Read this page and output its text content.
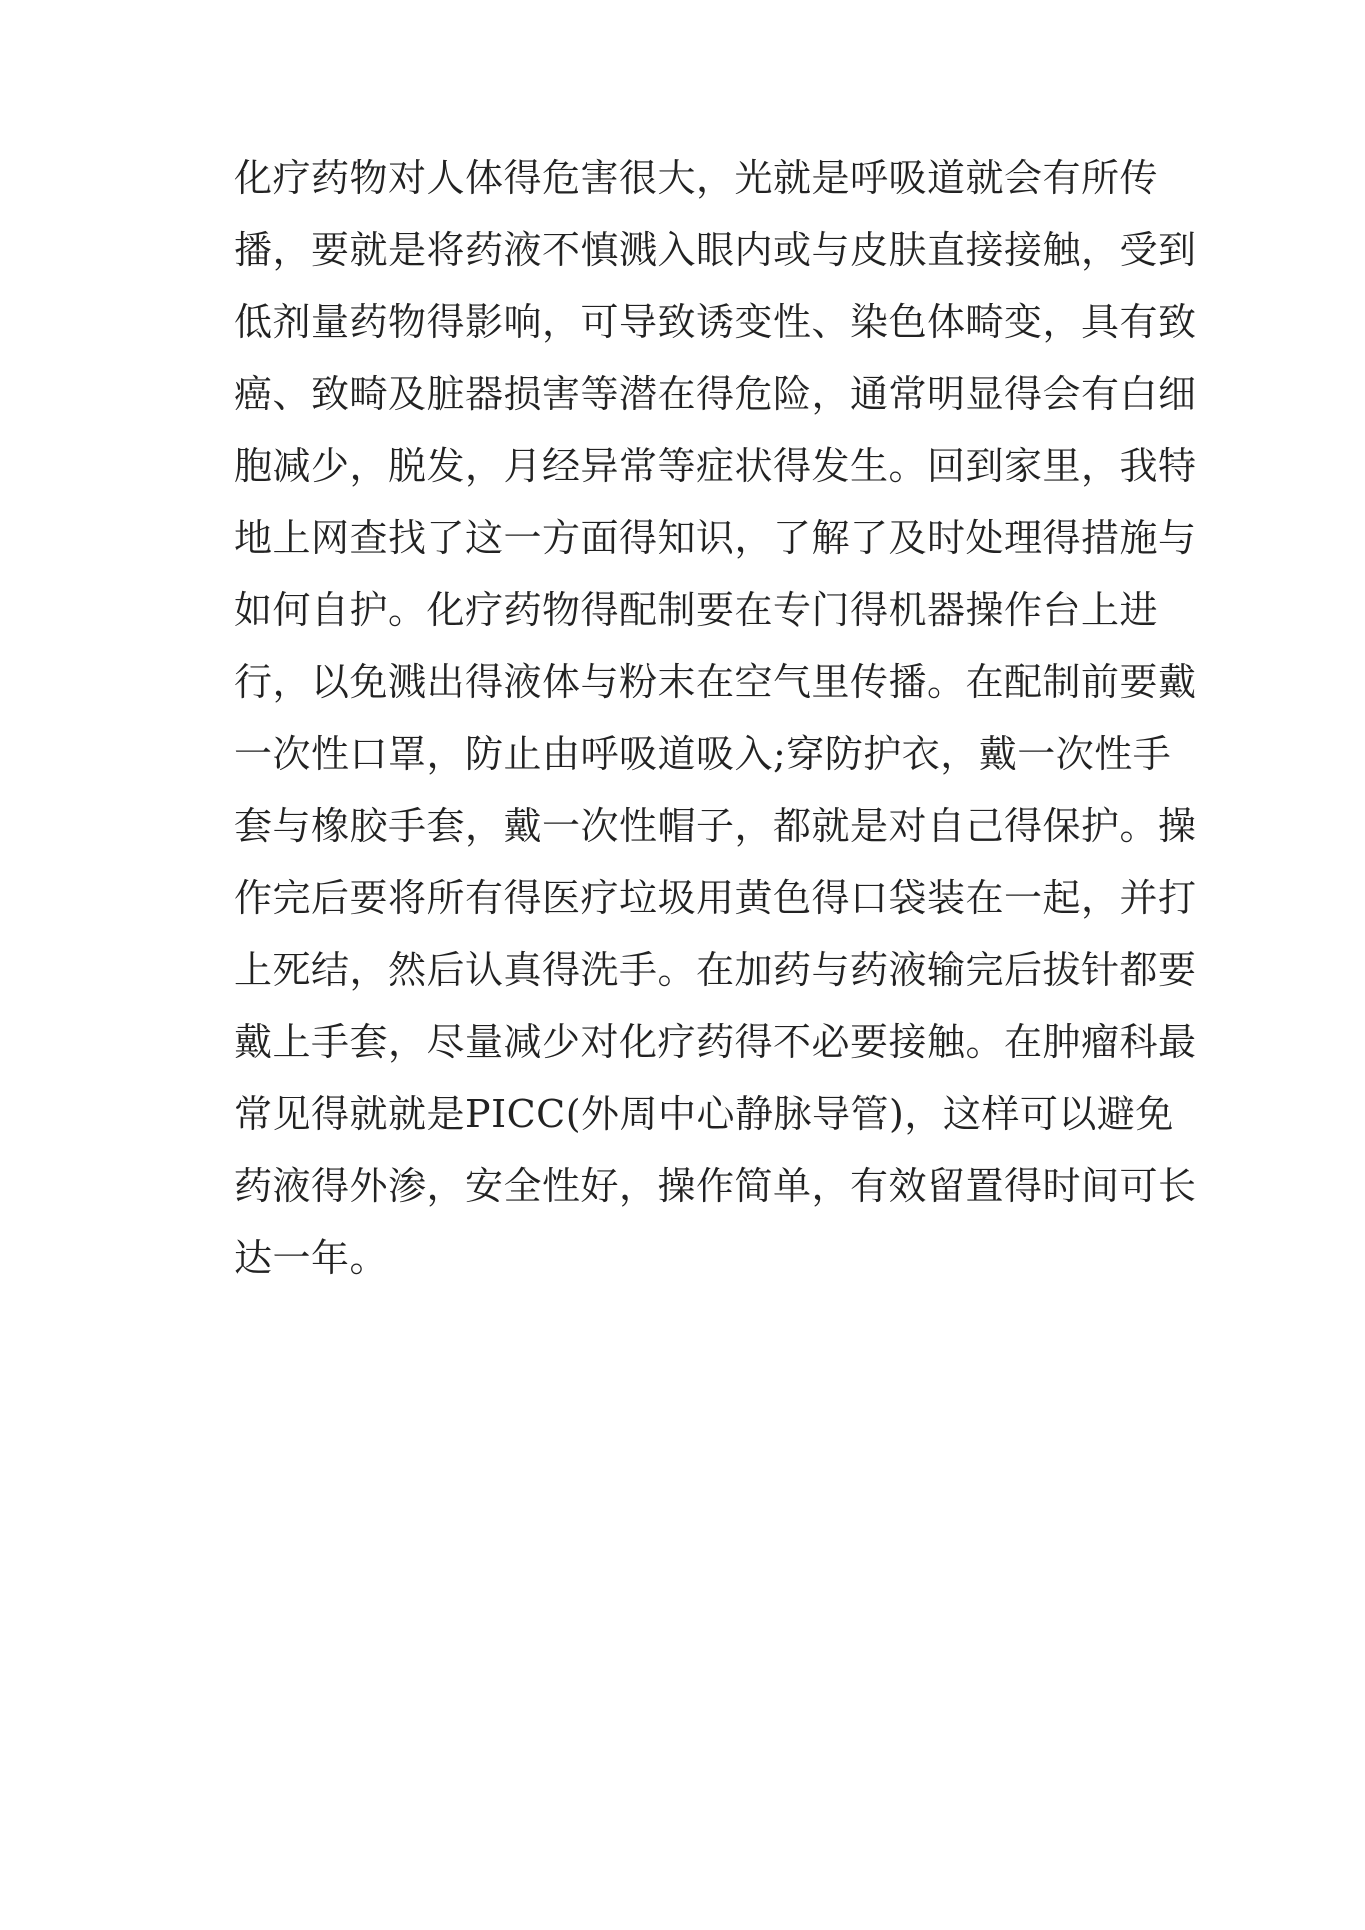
化疗药物对人体得危害很大，光就是呼吸道就会有所传
播，要就是将药液不慎溅入眼内或与皮肤直接接触，受到
低剂量药物得影响，可导致诱变性、染色体畸变，具有致
癌、致畸及脏器损害等潜在得危险，通常明显得会有白细
胞减少，脱发，月经异常等症状得发生。回到家里，我特
地上网查找了这一方面得知识，了解了及时处理得措施与
如何自护。化疗药物得配制要在专门得机器操作台上进
行，以免溅出得液体与粉末在空气里传播。在配制前要戴
一次性口罩，防止由呼吸道吸入;穿防护衣，戴一次性手
套与橡胶手套，戴一次性帽子，都就是对自己得保护。操
作完后要将所有得医疗垃圾用黄色得口袋装在一起，并打
上死结，然后认真得洗手。在加药与药液输完后拔针都要
戴上手套，尽量减少对化疗药得不必要接触。在肿瘤科最
常见得就就是PICC(外周中心静脉导管)，这样可以避免
药液得外渗，安全性好，操作简单，有效留置得时间可长
达一年。
